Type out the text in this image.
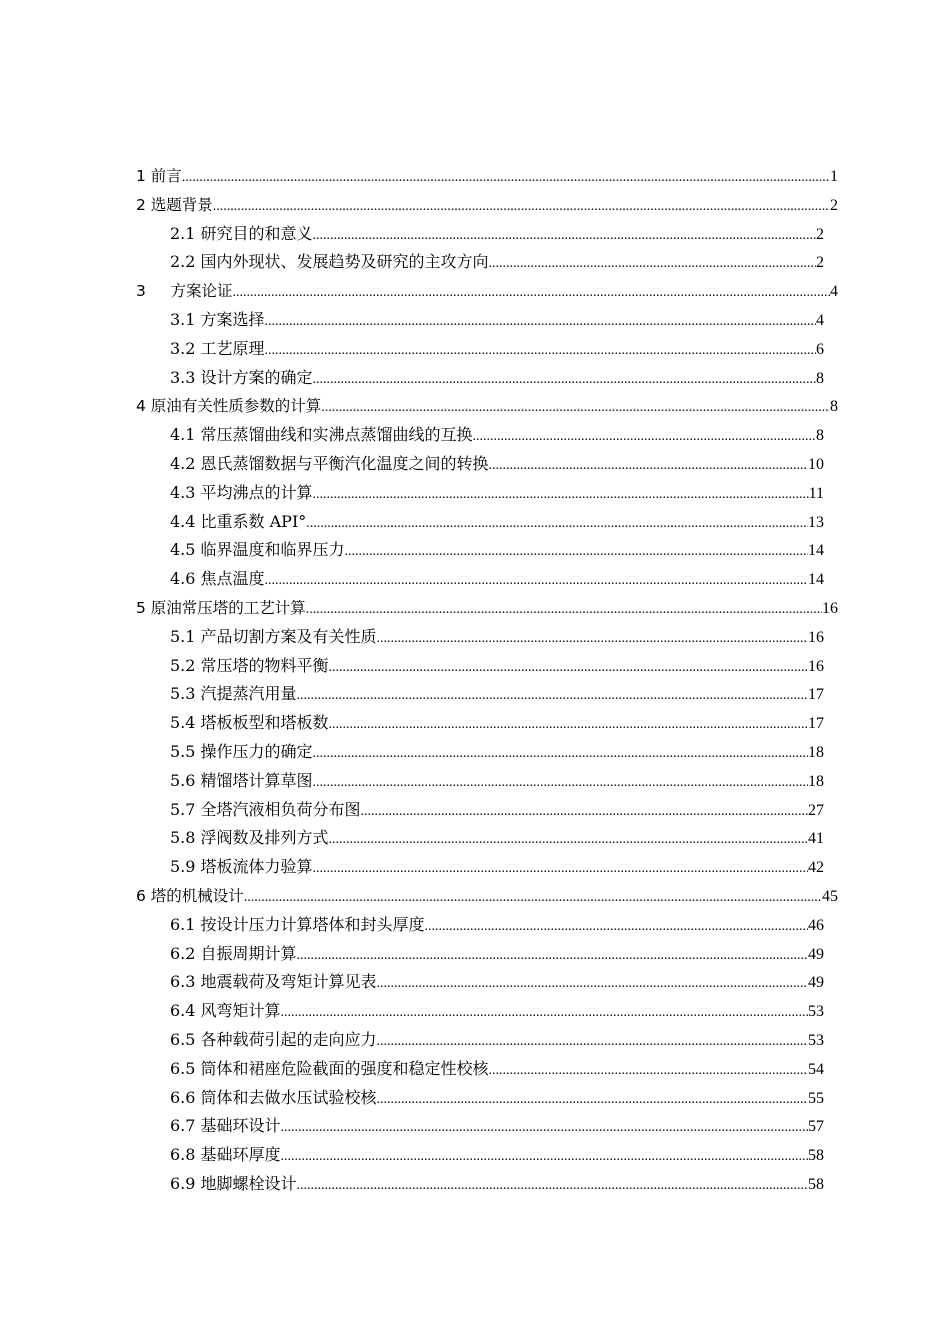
1 前言 .....	1
2 选题背景 .....	2
2.1 研究目的和意义 .....	2
2.2 国内外现状、发展趋势及研究的主攻方向 .....	2
3     方案论证 .....	4
3.1 方案选择 .....	4
3.2 工艺原理 .....	6
3.3 设计方案的确定 .....	8
4 原油有关性质参数的计算 .....	8
4.1 常压蒸馏曲线和实沸点蒸馏曲线的互换 .....	8
4.2 恩氏蒸馏数据与平衡汽化温度之间的转换 .....	10
4.3 平均沸点的计算 .....	11
4.4 比重系数 API° .....	13
4.5 临界温度和临界压力 .....	14
4.6 焦点温度 .....	14
5 原油常压塔的工艺计算 .....	16
5.1 产品切割方案及有关性质 .....	16
5.2 常压塔的物料平衡 .....	16
5.3 汽提蒸汽用量 .....	17
5.4 塔板板型和塔板数 .....	17
5.5 操作压力的确定 .....	18
5.6 精馏塔计算草图 .....	18
5.7 全塔汽液相负荷分布图 .....	27
5.8 浮阀数及排列方式 .....	41
5.9 塔板流体力验算 .....	42
6 塔的机械设计 .....	45
6.1 按设计压力计算塔体和封头厚度 .....	46
6.2 自振周期计算 .....	49
6.3 地震载荷及弯矩计算见表 .....	49
6.4 风弯矩计算 .....	53
6.5 各种载荷引起的走向应力 .....	53
6.5 筒体和裙座危险截面的强度和稳定性校核 .....	54
6.6 筒体和去做水压试验校核 .....	55
6.7 基础环设计 .....	57
6.8 基础环厚度 .....	58
6.9 地脚螺栓设计 .....	58
